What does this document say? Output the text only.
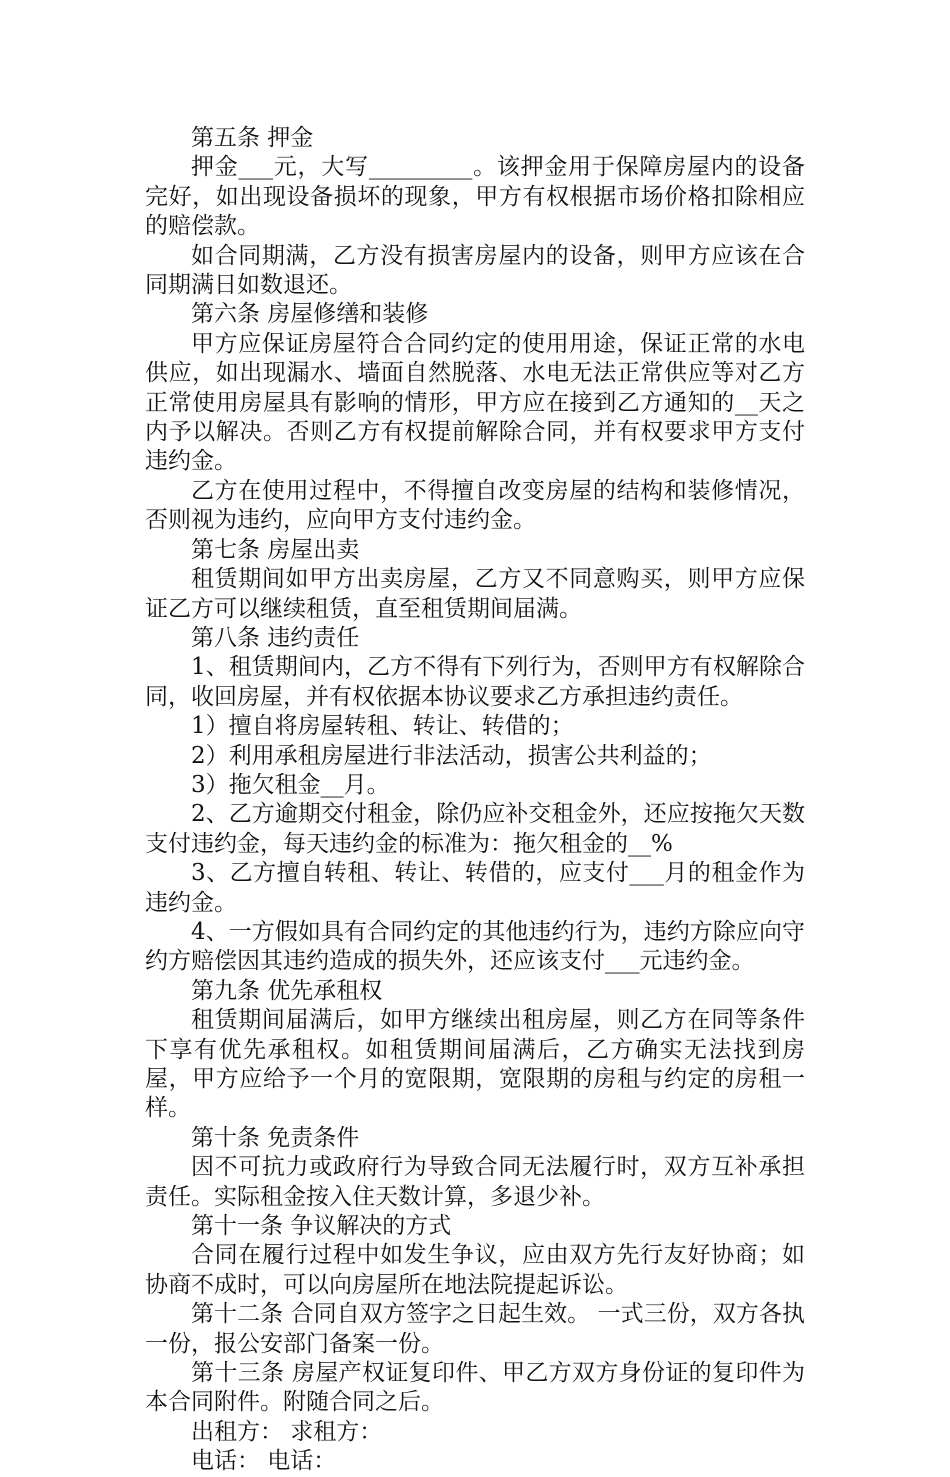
第五条 押金

押金___元，大写_________。该押金用于保障房屋内的设备完好，如出现设备损坏的现象，甲方有权根据市场价格扣除相应的赔偿款。

如合同期满，乙方没有损害房屋内的设备，则甲方应该在合同期满日如数退还。

第六条 房屋修缮和装修

甲方应保证房屋符合合同约定的使用用途，保证正常的水电供应，如出现漏水、墙面自然脱落、水电无法正常供应等对乙方正常使用房屋具有影响的情形，甲方应在接到乙方通知的__天之内予以解决。否则乙方有权提前解除合同，并有权要求甲方支付违约金。

乙方在使用过程中，不得擅自改变房屋的结构和装修情况，否则视为违约，应向甲方支付违约金。

第七条 房屋出卖

租赁期间如甲方出卖房屋，乙方又不同意购买，则甲方应保证乙方可以继续租赁，直至租赁期间届满。

第八条 违约责任

1、租赁期间内，乙方不得有下列行为，否则甲方有权解除合同，收回房屋，并有权依据本协议要求乙方承担违约责任。

1）擅自将房屋转租、转让、转借的；

2）利用承租房屋进行非法活动，损害公共利益的；

3）拖欠租金__月。

2、乙方逾期交付租金，除仍应补交租金外，还应按拖欠天数支付违约金，每天违约金的标准为：拖欠租金的__%

3、乙方擅自转租、转让、转借的，应支付___月的租金作为违约金。

4、一方假如具有合同约定的其他违约行为，违约方除应向守约方赔偿因其违约造成的损失外，还应该支付___元违约金。

第九条 优先承租权

租赁期间届满后，如甲方继续出租房屋，则乙方在同等条件下享有优先承租权。如租赁期间届满后，乙方确实无法找到房屋，甲方应给予一个月的宽限期，宽限期的房租与约定的房租一样。

第十条 免责条件

因不可抗力或政府行为导致合同无法履行时，双方互补承担责任。实际租金按入住天数计算，多退少补。

第十一条 争议解决的方式

合同在履行过程中如发生争议，应由双方先行友好协商；如协商不成时，可以向房屋所在地法院提起诉讼。

第十二条 合同自双方签字之日起生效。 一式三份，双方各执一份，报公安部门备案一份。

第十三条 房屋产权证复印件、甲乙方双方身份证的复印件为本合同附件。附随合同之后。

出租方： 求租方：

电话： 电话：
